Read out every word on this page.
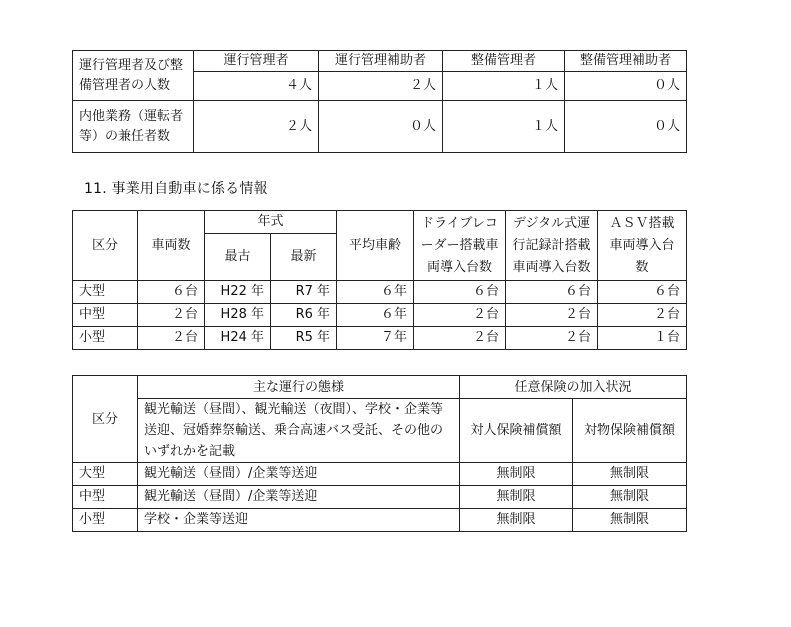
運行管理者及び整備管理者の人数	運行管理者	運行管理補助者	整備管理者	整備管理補助者
	４人	２人	１人	０人
内他業務（運転者等）の兼任者数	２人	０人	１人	０人
11. 事業用自動車に係る情報
区分	車両数	年式		平均車齢	ドライブレコーダー搭載車両導入台数	デジタル式運行記録計搭載車両導入台数	ＡＳＶ搭載車両導入台数
		最古	最新				
大型	６台	H22 年	R7 年	６年	６台	６台	６台
中型	２台	H28 年	R6 年	６年	２台	２台	２台
小型	２台	H24 年	R5 年	７年	２台	２台	１台
区分	主な運行の態様	任意保険の加入状況	
	観光輸送（昼間）、観光輸送（夜間）、学校・企業等送迎、冠婚葬祭輸送、乗合高速バス受託、その他のいずれかを記載	対人保険補償額	対物保険補償額
大型	観光輸送（昼間）/企業等送迎	無制限	無制限
中型	観光輸送（昼間）/企業等送迎	無制限	無制限
小型	学校・企業等送迎	無制限	無制限
